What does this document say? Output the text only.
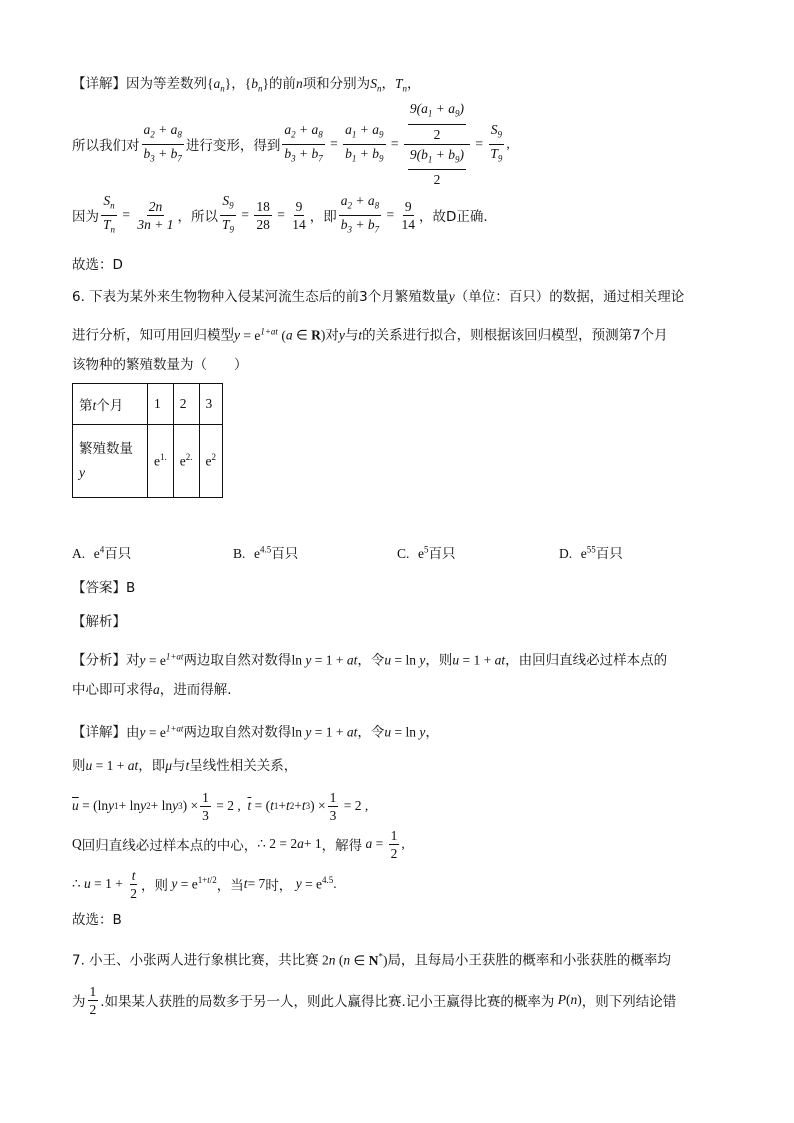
【详解】因为等差数列$\{a_n\}$，$\{b_n\}$的前n项和分别为$S_n$，$T_n$，
所以我们对 $\frac{a_2 + a_8}{b_3 + b_7}$ 进行变形，得到 $\frac{a_2 + a_8}{b_3 + b_7} = \frac{a_1 + a_9}{b_1 + b_9} = \frac{\frac{9(a_1 + a_9)}{2}}{\frac{9(b_1 + b_9)}{2}} = \frac{S_9}{T_9}$ ,
因为 $\frac{S_n}{T_n} = \frac{2n}{3n + 1}$ ，所以 $\frac{S_9}{T_9} = \frac{18}{28} = \frac{9}{14}$ ，即 $\frac{a_2 + a_8}{b_3 + b_7} = \frac{9}{14}$ ，故D正确.
故选：D
6. 下表为某外来生物物种入侵某河流生态后的前3个月繁殖数量y（单位：百只）的数据，通过相关理论
进行分析，知可用回归模型$y = e^{1+at}$ (a ∈ R)对y与t的关系进行拟合，则根据该回归模型，预测第7个月
该物种的繁殖数量为（　　）
第t个月	1	2	3
繁殖数量
y	$e^{1.}$	$e^{2.}$	$e^2$
A. $e^4$百只	B. $e^{4.5}$百只	C. $e^5$百只	D. $e^{55}$百只
【答案】B
【解析】
【分析】对$y = e^{1+at}$两边取自然对数得ln y = 1 + at，令u = ln y，则u = 1 + at，由回归直线必过样本点的
中心即可求得a，进而得解.
【详解】由$y = e^{1+at}$两边取自然对数得ln y = 1 + at，令u = ln y，
则u = 1 + at，即μ与t呈线性相关关系，
$\overline{u} = (\ln$ y 1 + ln y 2 + ln y 3 ) × $\frac{1}{3} = 2$ , $\overline{t}$ = ( t 1 + t 2 + t 3 ) × $\frac{1}{3} = 2$ ,
Q 回归直线必过样本点的中心， ∴ 2 = 2 a + 1 ，解得 $a = \frac{1}{2}$ ,
∴ $u = 1 + \frac{t}{2}$ ，则 $y = e^{1+t/2}$ ，当 t = 7 时， $y = e^{4.5}$ .
故选：B
7. 小王、小张两人进行象棋比赛，共比赛 2n (n ∈ N*)局，且每局小王获胜的概率和小张获胜的概率均
为 $\frac{1}{2}$ .如果某人获胜的局数多于另一人，则此人赢得比赛.记小王赢得比赛的概率为 P ( n ) ，则下列结论错
